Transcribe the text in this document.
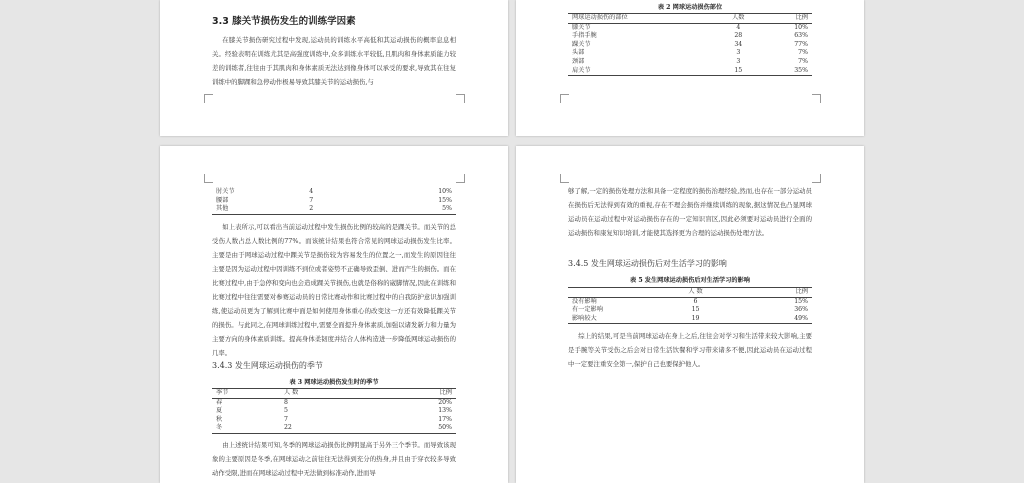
3.3 膝关节损伤发生的训练学因素

在膝关节损伤研究过程中发现,运动员的训练水平高低和其运动损伤的概率息息相关。经验表明在训练尤其是高强度训练中,众多训练水平较低,且肌肉和身体素质能力较差的训练者,往往由于其肌肉和身体素质无法达到像身体可以承受的要求,导致其在往复训练中的脚踝和急停动作极易导致其膝关节的运动损伤,与

表 2 网球运动损伤部位
网球运动损伤的部位	人数	比例
膝关节	4	10%
手指手腕	28	63%
踝关节	34	77%
头部	3	7%
颈部	3	7%
肩关节	15	35%
肘关节	4	10%
腰部	7	15%
其他	2	5%

如上表所示,可以看出当前运动过程中发生损伤比例的较高的是踝关节。而关节的总受伤人数占总人数比例的77%。而该统计结果也符合常见的网球运动损伤发生比率。主要是由于网球运动过程中踝关节是损伤较为容易发生的位置之一,而发生的原因往往主要是因为运动过程中因训练不到位或者姿势不正确导致歪倒、进而产生的损伤。而在比赛过程中,由于急停和变向也会造成踝关节损伤,也就是俗称的崴脚情况,因此在训练和比赛过程中往往需要对参赛运动员的日常比赛动作和比赛过程中的自我防护意识加强训练,使运动员更为了解到比赛中面是如何使用身体重心的改变这一方还有效降低踝关节的损伤。与此同之,在网球训练过程中,需要全面提升身体素质,加强以诸发新力和力量为主要方向的身体素质训练。提高身体柔韧度并结合人体构造进一步降低网球运动损伤的几率。

3.4.3 发生网球运动损伤的季节
表 3 网球运动损伤发生时的季节
季节	人 数	比例
春	8	20%
夏	5	13%
秋	7	17%
冬	22	50%

由上述统计结果可知,冬季的网球运动损伤比例明显高于另外三个季节。而导致该现象的主要原因是冬季,在网球运动之前往往无法得到充分的热身,并且由于穿衣较多导致动作受限,进而在网球运动过程中无法做到标准动作,进而导

够了解,一定的损伤处理方法和具备一定程度的损伤治理经验,然而,也存在一部分运动员在损伤后无法得到有效的重视,存在不理会损伤并继续训练的现象,据这情况也凸显网球运动员在运动过程中对运动损伤存在的一定知识盲区,因此必须要对运动员进行全面的运动损伤和康复知识培训,才能使其选择更为合理的运动损伤处理方法。

3.4.5 发生网球运动损伤后对生活学习的影响
表 5 发生网球运动损伤后对生活学习的影响
	人 数	比例
没有影响	6	15%
有一定影响	15	36%
影响较大	19	49%

综上的结果,可是当前网球运动在身上之后,往往会对学习和生活带来较大影响,主要是手腕等关节受伤之后会对日常生活饮餐和学习带来诸多不便,因此运动员在运动过程中一定要注重安全第一,保护自己也要保护他人。
